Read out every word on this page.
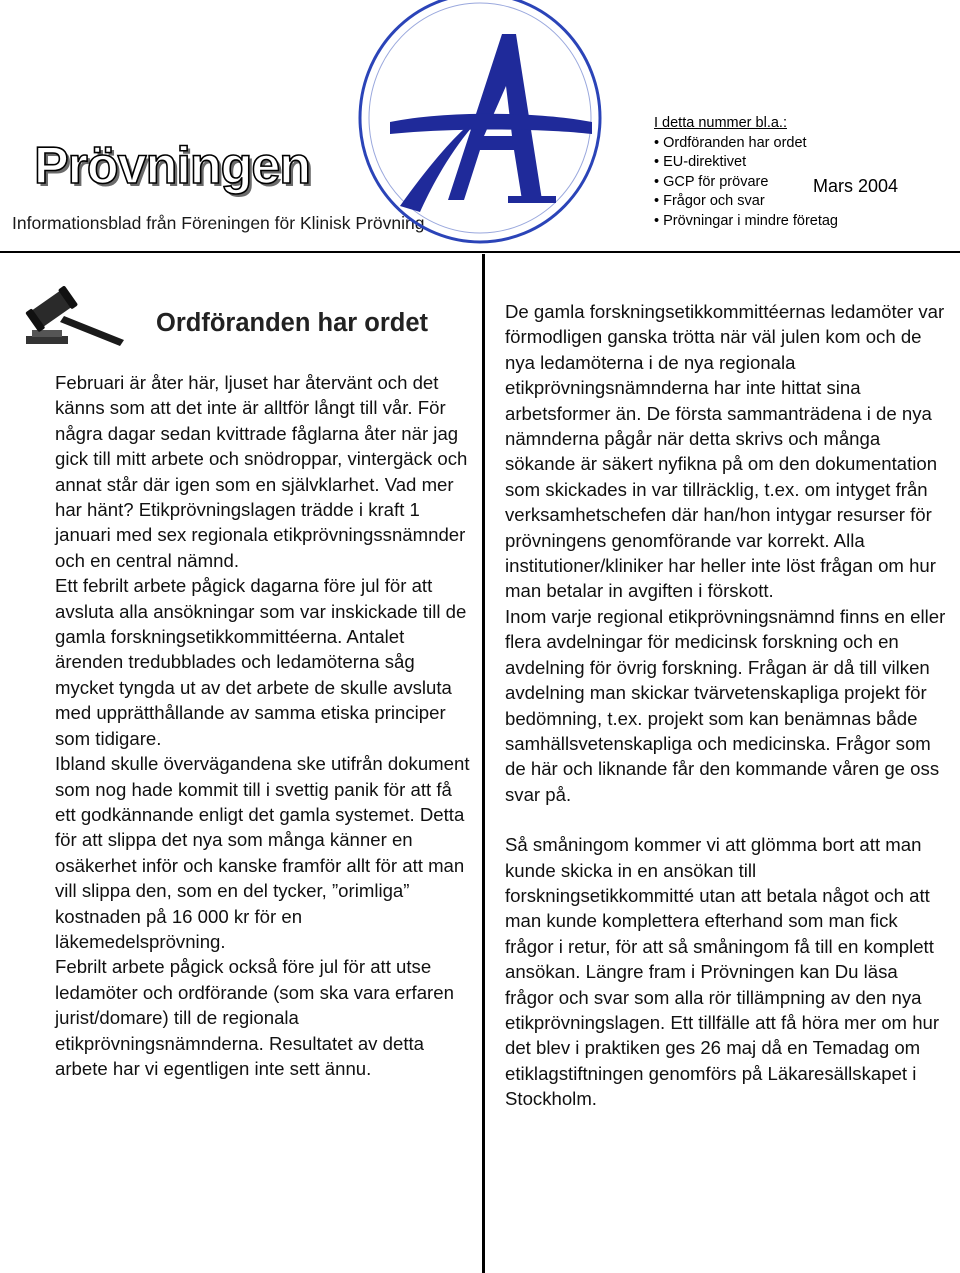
Prövningen
Informationsblad från Föreningen för Klinisk Prövning
I detta nummer bl.a.:
• Ordföranden har ordet
• EU-direktivet
• GCP för prövare
• Frågor och svar
• Prövningar i mindre företag
Mars 2004
Ordföranden har ordet

Februari är åter här, ljuset har återvänt och det känns som att det inte är alltför långt till vår. För några dagar sedan kvittrade fåglarna åter när jag gick till mitt arbete och snödroppar, vintergäck och annat står där igen som en självklarhet. Vad mer har hänt? Etikprövningslagen trädde i kraft 1 januari med sex regionala etikprövningssnämnder och en central nämnd.

Ett febrilt arbete pågick dagarna före jul för att avsluta alla ansökningar som var inskickade till de gamla forskningsetikkommittéerna. Antalet ärenden tredubblades och ledamöterna såg mycket tyngda ut av det arbete de skulle avsluta med upprätthållande av samma etiska principer som tidigare.

Ibland skulle övervägandena ske utifrån dokument som nog hade kommit till i svettig panik för att få ett godkännande enligt det gamla systemet. Detta för att slippa det nya som många känner en osäkerhet inför och kanske framför allt för att man vill slippa den, som en del tycker, ”orimliga” kostnaden på 16 000 kr för en läkemedelsprövning.

Febrilt arbete pågick också före jul för att utse ledamöter och ordförande (som ska vara erfaren jurist/domare) till de regionala etikprövningsnämnderna. Resultatet av detta arbete har vi egentligen inte sett ännu.

De gamla forskningsetikkommittéernas ledamöter var förmodligen ganska trötta när väl julen kom och de nya ledamöterna i de nya regionala etikprövningsnämnderna har inte hittat sina arbetsformer än. De första sammanträdena i de nya nämnderna pågår när detta skrivs och många sökande är säkert nyfikna på om den dokumentation som skickades in var tillräcklig, t.ex. om intyget från verksamhetschefen där han/hon intygar resurser för prövningens genomförande var korrekt. Alla institutioner/kliniker har heller inte löst frågan om hur man betalar in avgiften i förskott.

Inom varje regional etikprövningsnämnd finns en eller flera avdelningar för medicinsk forskning och en avdelning för övrig forskning. Frågan är då till vilken avdelning man skickar tvärvetenskapliga projekt för bedömning, t.ex. projekt som kan benämnas både samhällsvetenskapliga och medicinska. Frågor som de här och liknande får den kommande våren ge oss svar på.

Så småningom kommer vi att glömma bort att man kunde skicka in en ansökan till forskningsetikkommitté utan att betala något och att man kunde komplettera efterhand som man fick frågor i retur, för att så småningom få till en komplett ansökan. Längre fram i Prövningen kan Du läsa frågor och svar som alla rör tillämpning av den nya etikprövningslagen. Ett tillfälle att få höra mer om hur det blev i praktiken ges 26 maj då en Temadag om etiklagstiftningen genomförs på Läkaresällskapet i Stockholm.
